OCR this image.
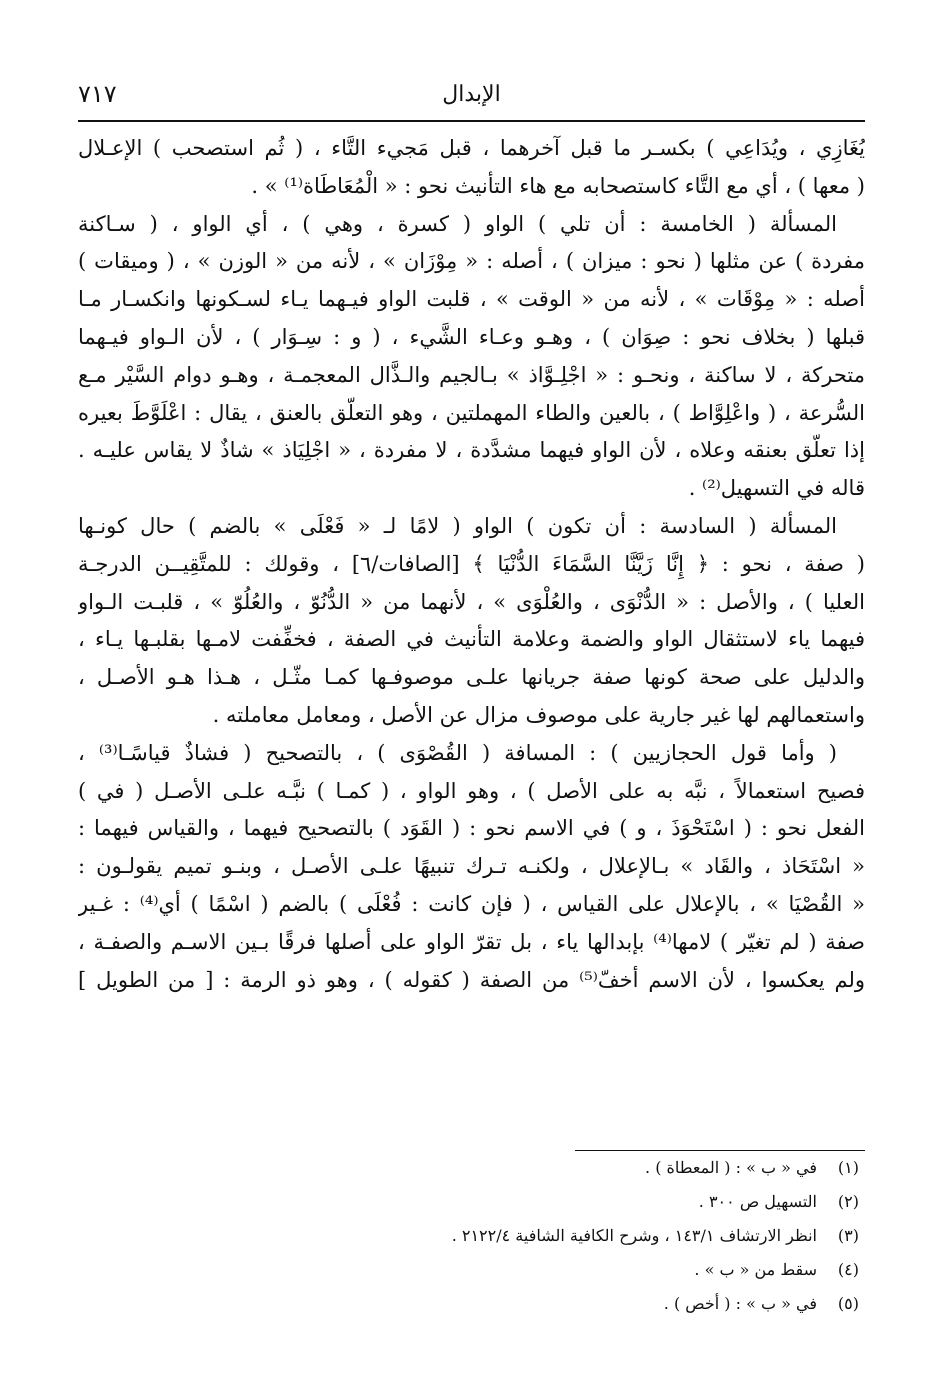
الإبدال
٧١٧
يُغَازِي ، ويُدَاعِي ) بكسـر ما قبل آخرهما ، قبل مَجيء التَّاء ، ( ثُم استصحب ) الإعـلال
( معها ) ، أي مع التَّاء كاستصحابه مع هاء التأنيث نحو : « الْمُعَاطَاة⁽¹⁾ » .
المسألة ( الخامسة : أن تلي ) الواو ( كسرة ، وهي ) ، أي الواو ، ( سـاكنة
مفردة ) عن مثلها ( نحو : ميزان ) ، أصله : « مِوْزَان » ، لأنه من « الوزن » ، ( وميقات )
أصله : « مِوْقَات » ، لأنه من « الوقت » ، قلبت الواو فيـهما يـاء لسـكونها وانكسـار مـا
قبلها ( بخلاف نحو : صِوَان ) ، وهـو وعـاء الشَّيء ، ( و : سِـوَار ) ، لأن الـواو فيـهما
متحركة ، لا ساكنة ، ونحـو : « اجْلِـوَّاذ » بـالجيم والـذَّال المعجمـة ، وهـو دوام السَّيْر مـع
السُّرعة ، ( واعْلِوَّاط ) ، بالعين والطاء المهملتين ، وهو التعلّق بالعنق ، يقال : اعْلَوَّطَ بعيره
إذا تعلّق بعنقه وعلاه ، لأن الواو فيهما مشدَّدة ، لا مفردة ، « اجْلِيَاذ » شاذٌ لا يقاس عليـه .
قاله في التسهيل⁽²⁾ .
المسألة ( السادسة : أن تكون ) الواو ( لامًا لـ « فَعْلَى » بالضم ) حال كونـها
( صفة ، نحو : ﴿ إِنَّا زَيَّنَّا السَّمَاءَ الدُّنْيَا ﴾ [الصافات/٦] ، وقولك : للمتَّقِيــن الدرجـة
العليا ) ، والأصل : « الدُّنْوَى ، والعُلْوَى » ، لأنهما من « الدُّنُوّ ، والعُلُوّ » ، قلبـت الـواو
فيهما ياء لاستثقال الواو والضمة وعلامة التأنيث في الصفة ، فخفِّفت لامـها بقلبـها يـاء ،
والدليل على صحة كونها صفة جريانها علـى موصوفـها كمـا مثّـل ، هـذا هـو الأصـل ،
واستعمالهم لها غير جارية على موصوف مزال عن الأصل ، ومعامل معاملته .
( وأما قول الحجازيين ) : المسافة ( القُصْوَى ) ، بالتصحيح ( فشاذٌ قياسًـا⁽³⁾ ،
فصيح استعمالاً ، نبَّه به على الأصل ) ، وهو الواو ، ( كمـا ) نبَّـه علـى الأصـل ( في )
الفعل نحو : ( اسْتَحْوَذَ ، و ) في الاسم نحو : ( القَوَد ) بالتصحيح فيهما ، والقياس فيهما :
« اسْتَحَاذ ، والقَاد » بـالإعلال ، ولكنـه تـرك تنبيهًا علـى الأصـل ، وبنـو تميم يقولـون :
« القُصْيَا » ، بالإعلال على القياس ، ( فإن كانت : فُعْلَى ) بالضم ( اسْمًا ) أي⁽⁴⁾ : غـير
صفة ( لم تغيّر ) لامها⁽⁴⁾ بإبدالها ياء ، بل تقرّ الواو على أصلها فرقًا بـين الاسـم والصفـة ،
ولم يعكسوا ، لأن الاسم أخفّ⁽⁵⁾ من الصفة ( كقوله ) ، وهو ذو الرمة : [ من الطويل ]
(١)في « ب » : ( المعطاة ) .
(٢)التسهيل ص ٣٠٠ .
(٣)انظر الارتشاف ١٤٣/١ ، وشرح الكافية الشافية ٢١٢٢/٤ .
(٤)سقط من « ب » .
(٥)في « ب » : ( أخص ) .
